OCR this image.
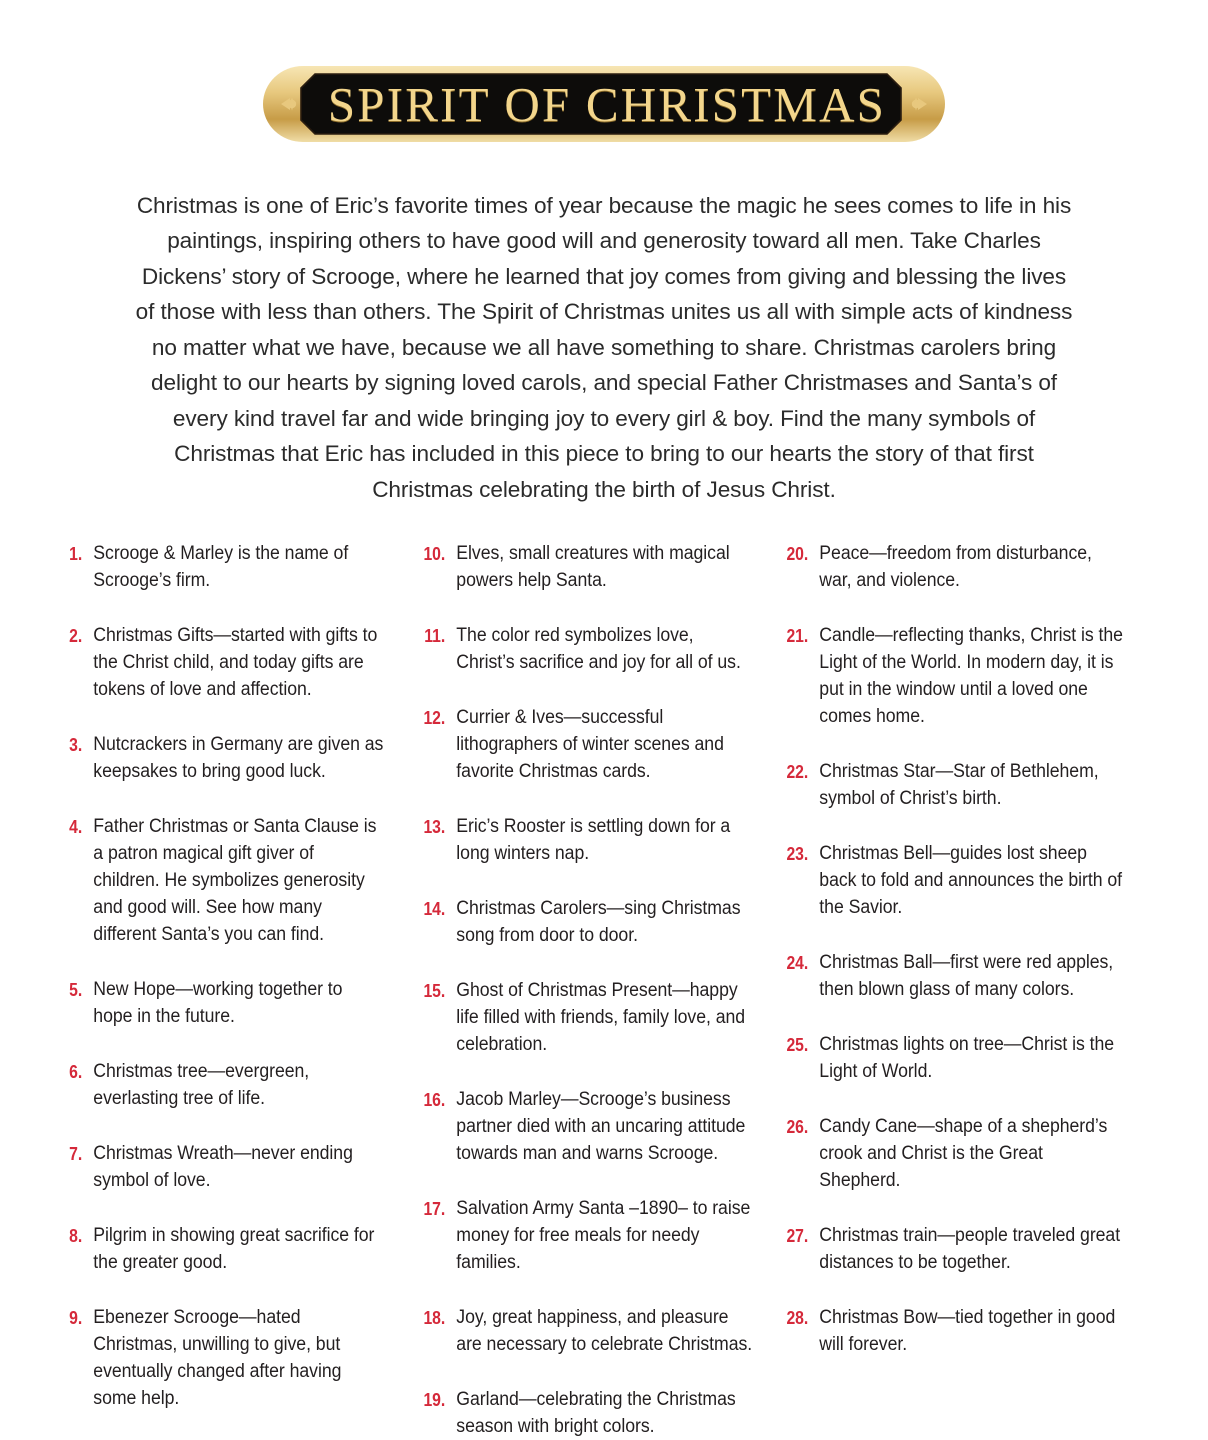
SPIRIT OF CHRISTMAS

Christmas is one of Eric’s favorite times of year because the magic he sees comes to life in his paintings, inspiring others to have good will and generosity toward all men. Take Charles Dickens’ story of Scrooge, where he learned that joy comes from giving and blessing the lives of those with less than others. The Spirit of Christmas unites us all with simple acts of kindness no matter what we have, because we all have something to share. Christmas carolers bring delight to our hearts by signing loved carols, and special Father Christmases and Santa’s of every kind travel far and wide bringing joy to every girl & boy. Find the many symbols of Christmas that Eric has included in this piece to bring to our hearts the story of that first Christmas celebrating the birth of Jesus Christ.

1. Scrooge & Marley is the name of Scrooge’s firm.
2. Christmas Gifts—started with gifts to the Christ child, and today gifts are tokens of love and affection.
3. Nutcrackers in Germany are given as keepsakes to bring good luck.
4. Father Christmas or Santa Clause is a patron magical gift giver of children. He symbolizes generosity and good will. See how many different Santa’s you can find.
5. New Hope—working together to hope in the future.
6. Christmas tree—evergreen, everlasting tree of life.
7. Christmas Wreath—never ending symbol of love.
8. Pilgrim in showing great sacrifice for the greater good.
9. Ebenezer Scrooge—hated Christmas, unwilling to give, but eventually changed after having some help.
10. Elves, small creatures with magical powers help Santa.
11. The color red symbolizes love, Christ’s sacrifice and joy for all of us.
12. Currier & Ives—successful lithographers of winter scenes and favorite Christmas cards.
13. Eric’s Rooster is settling down for a long winters nap.
14. Christmas Carolers—sing Christmas song from door to door.
15. Ghost of Christmas Present—happy life filled with friends, family love, and celebration.
16. Jacob Marley—Scrooge’s business partner died with an uncaring attitude towards man and warns Scrooge.
17. Salvation Army Santa –1890– to raise money for free meals for needy families.
18. Joy, great happiness, and pleasure are necessary to celebrate Christmas.
19. Garland—celebrating the Christmas season with bright colors.
20. Peace—freedom from disturbance, war, and violence.
21. Candle—reflecting thanks, Christ is the Light of the World. In modern day, it is put in the window until a loved one comes home.
22. Christmas Star—Star of Bethlehem, symbol of Christ’s birth.
23. Christmas Bell—guides lost sheep back to fold and announces the birth of the Savior.
24. Christmas Ball—first were red apples, then blown glass of many colors.
25. Christmas lights on tree—Christ is the Light of World.
26. Candy Cane—shape of a shepherd’s crook and Christ is the Great Shepherd.
27. Christmas train—people traveled great distances to be together.
28. Christmas Bow—tied together in good will forever.
